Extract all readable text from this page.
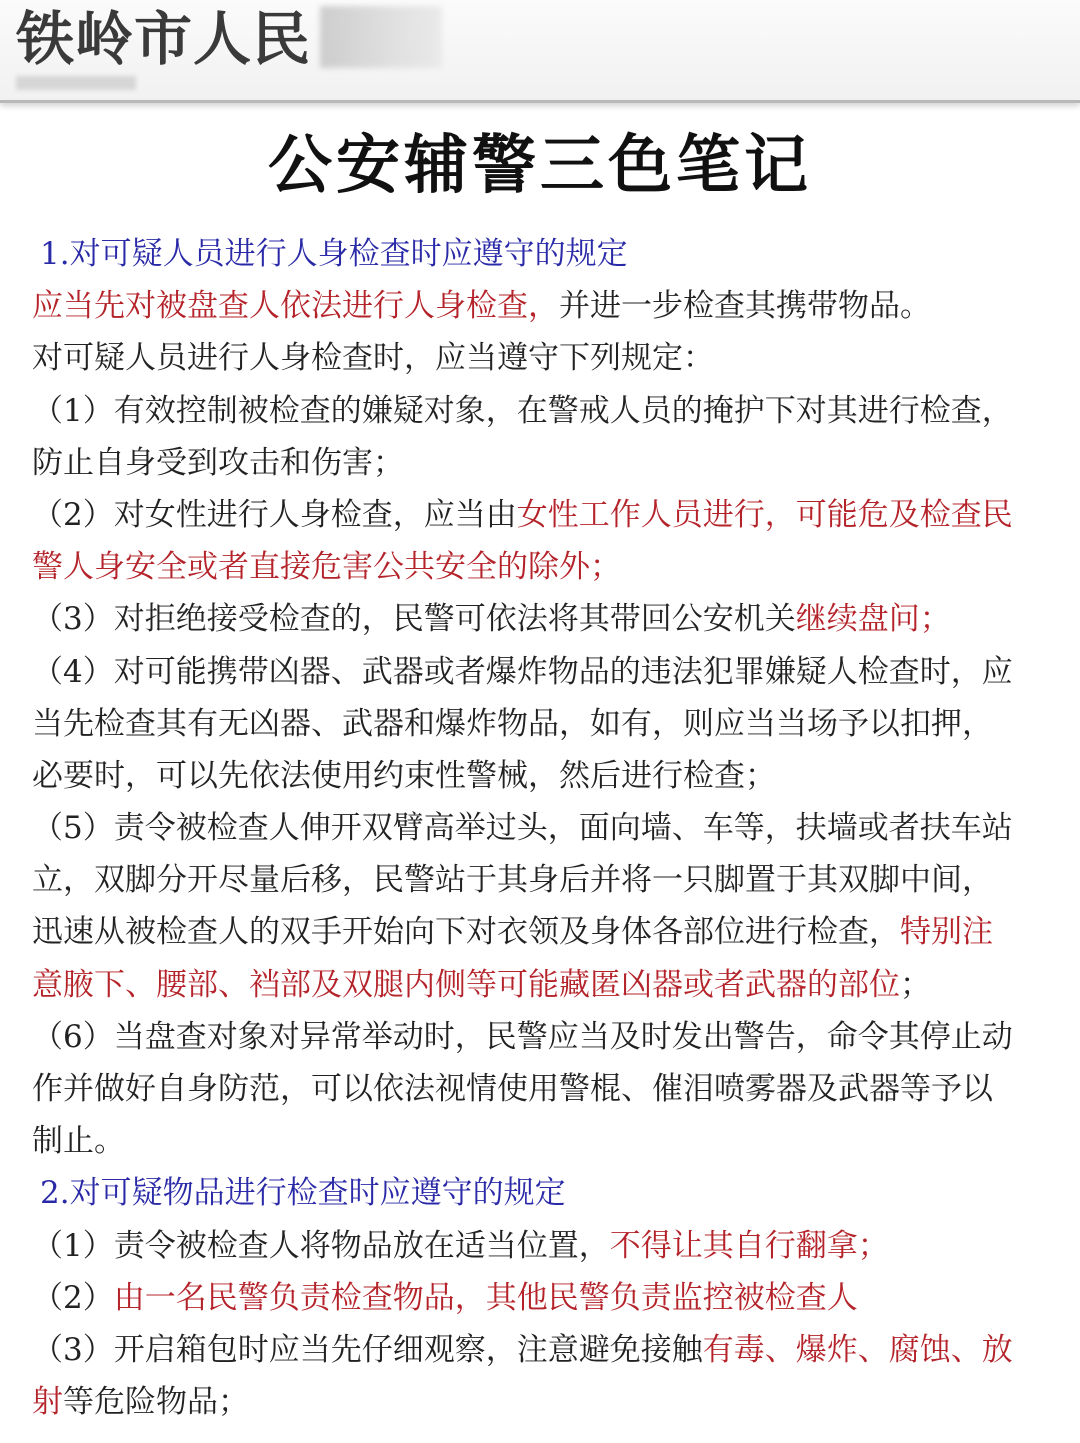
铁岭市人民
公安辅警三色笔记
1.对可疑人员进行人身检查时应遵守的规定
应当先对被盘查人依法进行人身检查，并进一步检查其携带物品。
对可疑人员进行人身检查时，应当遵守下列规定：
（1）有效控制被检查的嫌疑对象，在警戒人员的掩护下对其进行检查，
防止自身受到攻击和伤害；
（2）对女性进行人身检查，应当由女性工作人员进行，可能危及检查民
警人身安全或者直接危害公共安全的除外；
（3）对拒绝接受检查的，民警可依法将其带回公安机关继续盘问；
（4）对可能携带凶器、武器或者爆炸物品的违法犯罪嫌疑人检查时，应
当先检查其有无凶器、武器和爆炸物品，如有，则应当当场予以扣押，
必要时，可以先依法使用约束性警械，然后进行检查；
（5）责令被检查人伸开双臂高举过头，面向墙、车等，扶墙或者扶车站
立，双脚分开尽量后移，民警站于其身后并将一只脚置于其双脚中间，
迅速从被检查人的双手开始向下对衣领及身体各部位进行检查，特别注
意腋下、腰部、裆部及双腿内侧等可能藏匿凶器或者武器的部位；
（6）当盘查对象对异常举动时，民警应当及时发出警告，命令其停止动
作并做好自身防范，可以依法视情使用警棍、催泪喷雾器及武器等予以
制止。
2.对可疑物品进行检查时应遵守的规定
（1）责令被检查人将物品放在适当位置，不得让其自行翻拿；
（2）由一名民警负责检查物品，其他民警负责监控被检查人
（3）开启箱包时应当先仔细观察，注意避免接触有毒、爆炸、腐蚀、放
射等危险物品；
